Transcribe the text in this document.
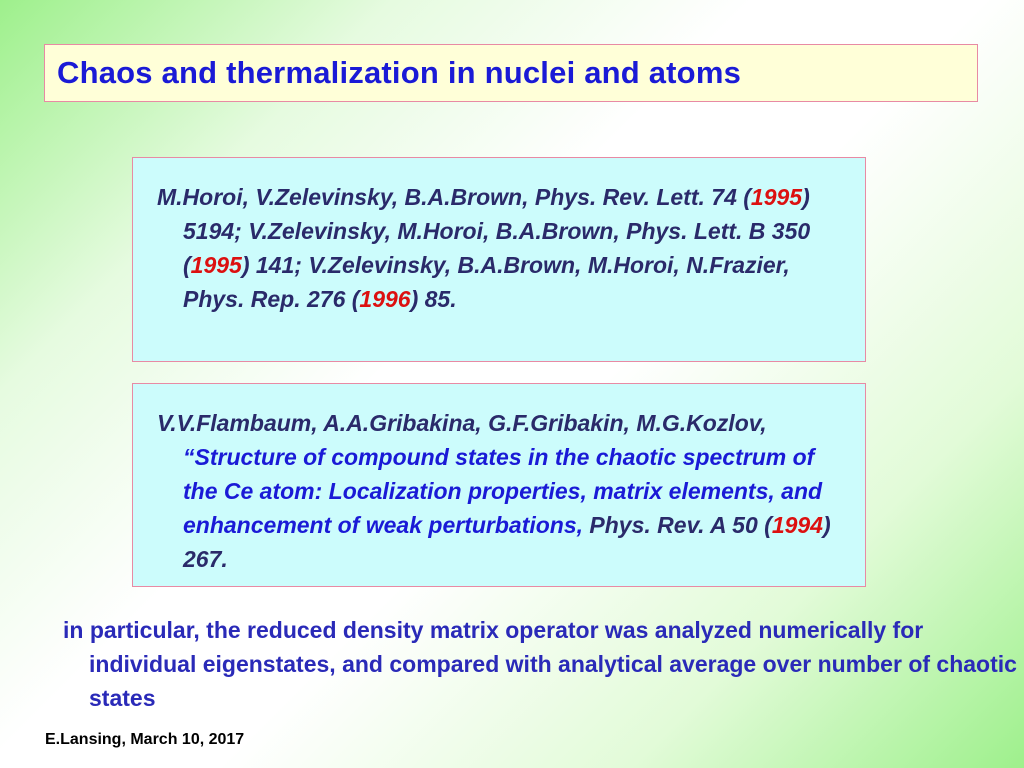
Chaos and thermalization in nuclei and atoms

M.Horoi, V.Zelevinsky, B.A.Brown, Phys. Rev. Lett. 74 (1995) 5194; V.Zelevinsky, M.Horoi, B.A.Brown, Phys. Lett. B 350 (1995) 141; V.Zelevinsky, B.A.Brown, M.Horoi, N.Frazier, Phys. Rep. 276 (1996) 85.

V.V.Flambaum, A.A.Gribakina, G.F.Gribakin, M.G.Kozlov, “Structure of compound states in the chaotic spectrum of the Ce atom: Localization properties, matrix elements, and enhancement of weak perturbations, Phys. Rev. A 50 (1994) 267.

in particular, the reduced density matrix operator was analyzed numerically for individual eigenstates, and compared with analytical average over number of chaotic states

E.Lansing, March 10, 2017
